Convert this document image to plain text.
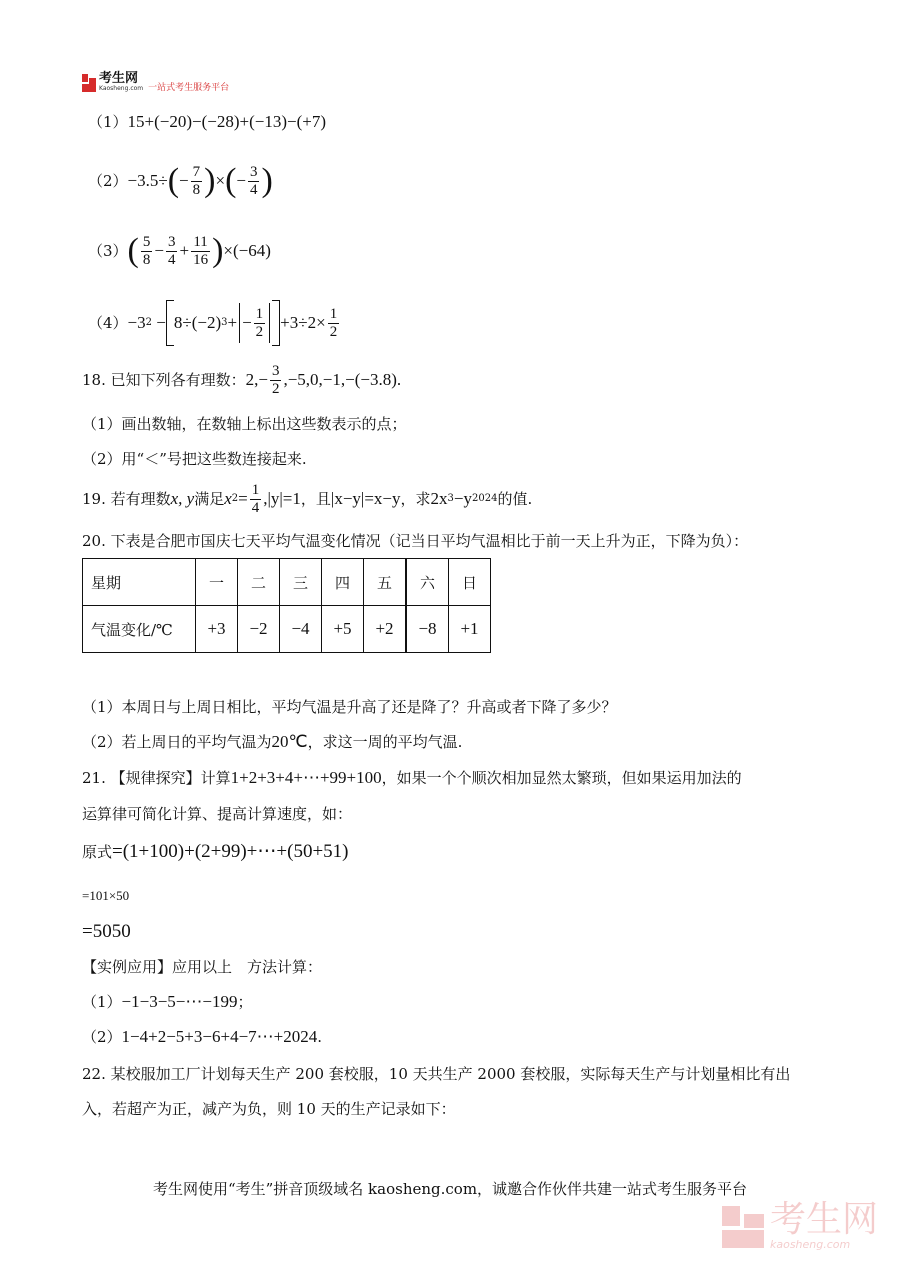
考生网
Kaosheng.com 一站式考生服务平台
（1）15+(−20)−(−28)+(−13)−(+7)
（2） −3.5÷ ( − $\frac{7}{8}$ ) × ( − $\frac{3}{4}$ )
（3） ( $\frac{5}{8} - \frac{3}{4} + \frac{11}{16}$ ) ×(−64)
（4） −3 2 − 8÷(−2) 3 + − $\frac{1}{2} +3\div 2\times \frac{1}{2}$
18. 已知下列各有理数： $2,- \frac{3}{2} ,-5,0,-1,-(-3.8)$.
（1）画出数轴，在数轴上标出这些数表示的点；
（2）用“＜”号把这些数连接起来.
19. 若有理数 x, y 满足 x $2 = \frac{1}{4} ,|y|=1$ ，且 |x−y|=x−y ，求 2x 3 −y 2024 的值.
20. 下表是合肥市国庆七天平均气温变化情况（记当日平均气温相比于前一天上升为正，下降为负）：
星期	一	二	三	四	五	六	日
气温变化/℃	+3	−2	−4	+5	+2	−8	+1
（1）本周日与上周日相比，平均气温是升高了还是降了？升高或者下降了多少？
（2）若上周日的平均气温为20℃，求这一周的平均气温.
21. 【规律探究】计算1+2+3+4+⋯+99+100，如果一个个顺次相加显然太繁琐，但如果运用加法的
运算律可简化计算、提高计算速度，如：
原式=(1+100)+(2+99)+⋯+(50+51)
=101×50
=5050
【实例应用】应用以上　方法计算：
（1）−1−3−5−⋯−199；
（2）1−4+2−5+3−6+4−7⋯+2024.
22. 某校服加工厂计划每天生产 200 套校服，10 天共生产 2000 套校服，实际每天生产与计划量相比有出
入，若超产为正，减产为负，则 10 天的生产记录如下：
考生网使用“考生”拼音顶级域名 kaosheng.com，诚邀合作伙伴共建一站式考生服务平台
考生网
kaosheng.com
